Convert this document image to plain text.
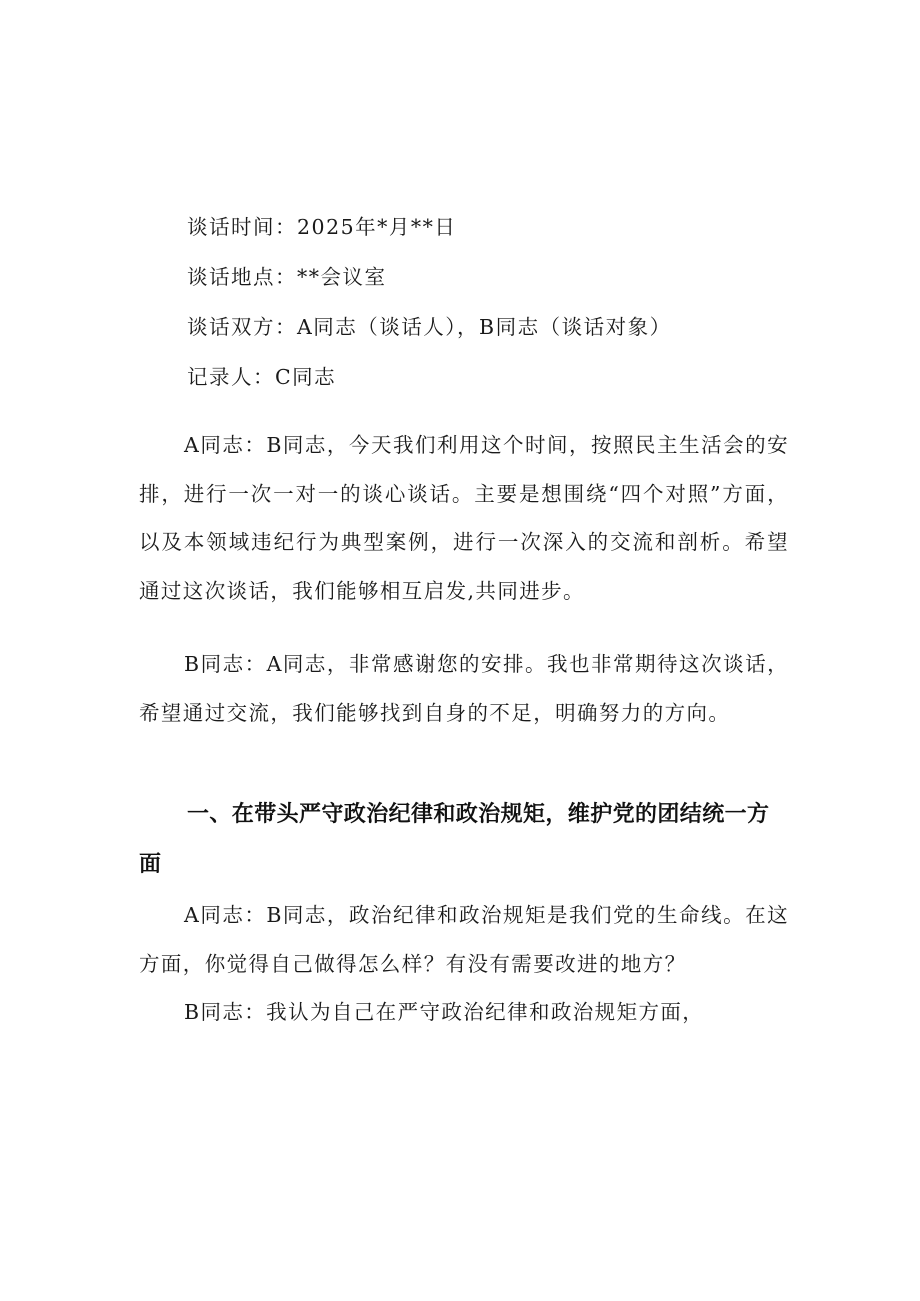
谈话时间：2025年*月**日
谈话地点：**会议室
谈话双方：A同志（谈话人），B同志（谈话对象）
记录人：C同志

A同志：B同志，今天我们利用这个时间，按照民主生活会的安排，进行一次一对一的谈心谈话。主要是想围绕“四个对照”方面，以及本领域违纪行为典型案例，进行一次深入的交流和剖析。希望通过这次谈话，我们能够相互启发,共同进步。

B同志：A同志，非常感谢您的安排。我也非常期待这次谈话，希望通过交流，我们能够找到自身的不足，明确努力的方向。

一、在带头严守政治纪律和政治规矩，维护党的团结统一方面

A同志：B同志，政治纪律和政治规矩是我们党的生命线。在这方面，你觉得自己做得怎么样？有没有需要改进的地方？

B同志：我认为自己在严守政治纪律和政治规矩方面，
